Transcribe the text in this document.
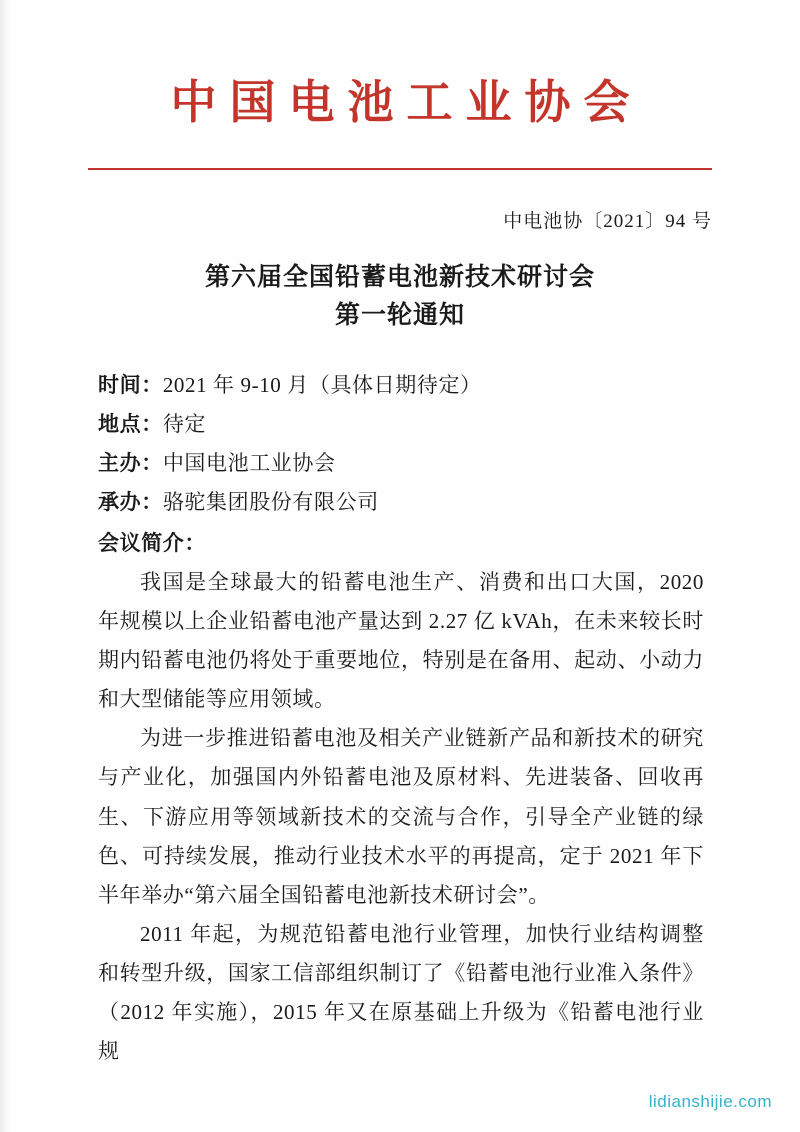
中国电池工业协会
中电池协〔2021〕94 号
第六届全国铅蓄电池新技术研讨会
第一轮通知
时间：2021 年 9-10 月（具体日期待定）
地点：待定
主办：中国电池工业协会
承办：骆驼集团股份有限公司
会议简介：

我国是全球最大的铅蓄电池生产、消费和出口大国，2020 年规模以上企业铅蓄电池产量达到 2.27 亿 kVAh，在未来较长时期内铅蓄电池仍将处于重要地位，特别是在备用、起动、小动力和大型储能等应用领域。

为进一步推进铅蓄电池及相关产业链新产品和新技术的研究与产业化，加强国内外铅蓄电池及原材料、先进装备、回收再生、下游应用等领域新技术的交流与合作，引导全产业链的绿色、可持续发展，推动行业技术水平的再提高，定于 2021 年下半年举办“第六届全国铅蓄电池新技术研讨会”。

2011 年起，为规范铅蓄电池行业管理，加快行业结构调整和转型升级，国家工信部组织制订了《铅蓄电池行业准入条件》（2012 年实施），2015 年又在原基础上升级为《铅蓄电池行业规

lidianshijie.com
